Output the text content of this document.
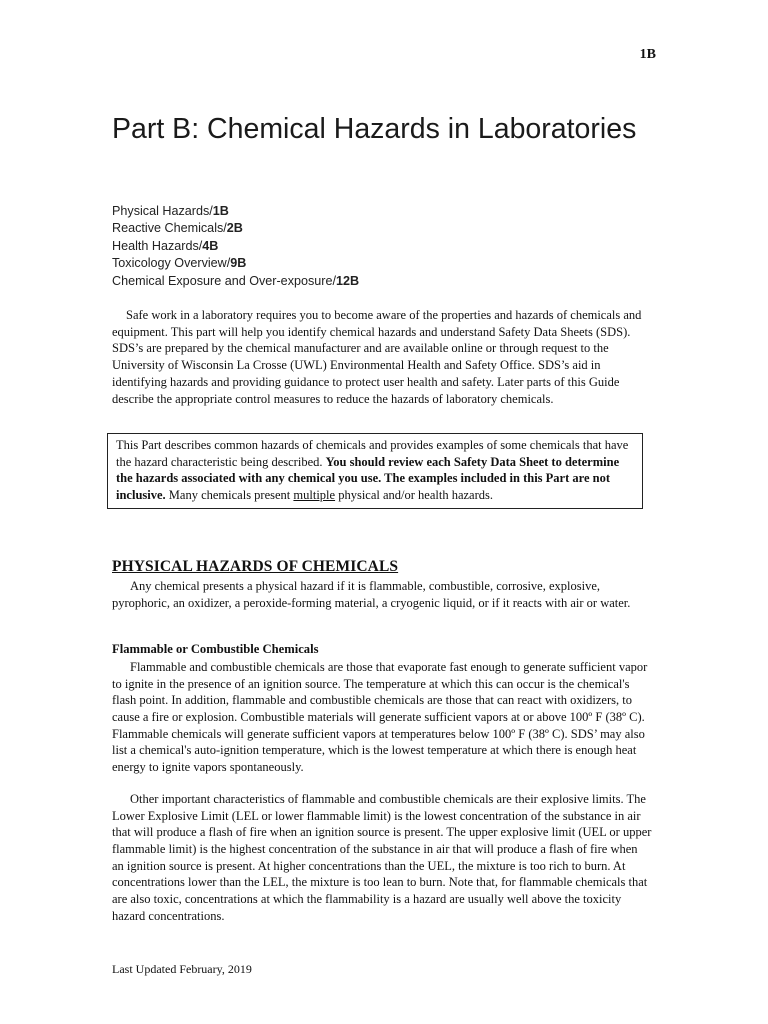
1B
Part B: Chemical Hazards in Laboratories
Physical Hazards/1B
Reactive Chemicals/2B
Health Hazards/4B
Toxicology Overview/9B
Chemical Exposure and Over-exposure/12B

Safe work in a laboratory requires you to become aware of the properties and hazards of chemicals and equipment. This part will help you identify chemical hazards and understand Safety Data Sheets (SDS). SDS’s are prepared by the chemical manufacturer and are available online or through request to the University of Wisconsin La Crosse (UWL) Environmental Health and Safety Office. SDS’s aid in identifying hazards and providing guidance to protect user health and safety. Later parts of this Guide describe the appropriate control measures to reduce the hazards of laboratory chemicals.

This Part describes common hazards of chemicals and provides examples of some chemicals that have the hazard characteristic being described. You should review each Safety Data Sheet to determine the hazards associated with any chemical you use. The examples included in this Part are not inclusive. Many chemicals present multiple physical and/or health hazards.
PHYSICAL HAZARDS OF CHEMICALS

Any chemical presents a physical hazard if it is flammable, combustible, corrosive, explosive, pyrophoric, an oxidizer, a peroxide-forming material, a cryogenic liquid, or if it reacts with air or water.

Flammable or Combustible Chemicals

Flammable and combustible chemicals are those that evaporate fast enough to generate sufficient vapor to ignite in the presence of an ignition source. The temperature at which this can occur is the chemical's flash point. In addition, flammable and combustible chemicals are those that can react with oxidizers, to cause a fire or explosion. Combustible materials will generate sufficient vapors at or above 100º F (38º C). Flammable chemicals will generate sufficient vapors at temperatures below 100º F (38º C). SDS’ may also list a chemical's auto-ignition temperature, which is the lowest temperature at which there is enough heat energy to ignite vapors spontaneously.

Other important characteristics of flammable and combustible chemicals are their explosive limits. The Lower Explosive Limit (LEL or lower flammable limit) is the lowest concentration of the substance in air that will produce a flash of fire when an ignition source is present. The upper explosive limit (UEL or upper flammable limit) is the highest concentration of the substance in air that will produce a flash of fire when an ignition source is present. At higher concentrations than the UEL, the mixture is too rich to burn. At concentrations lower than the LEL, the mixture is too lean to burn. Note that, for flammable chemicals that are also toxic, concentrations at which the flammability is a hazard are usually well above the toxicity hazard concentrations.

Last Updated February, 2019
